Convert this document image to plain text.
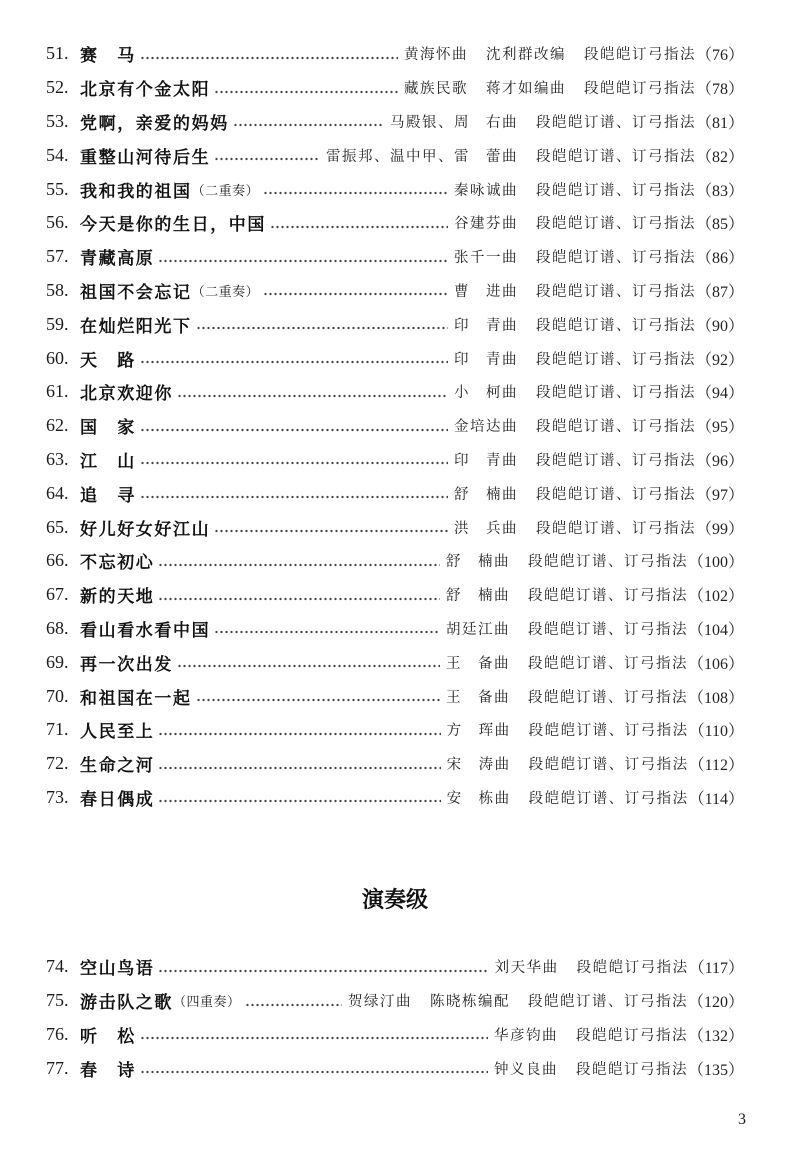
51. 赛　马	黄海怀曲 沈利群改编 段皑皑订弓指法 （76）
52. 北京有个金太阳	藏族民歌 蒋才如编曲 段皑皑订弓指法 （78）
53. 党啊，亲爱的妈妈	马殿银、周　右曲 段皑皑订谱、订弓指法 （81）
54. 重整山河待后生	雷振邦、温中甲、雷　蕾曲 段皑皑订谱、订弓指法 （82）
55. 我和我的祖国 （二重奏）	秦咏诚曲 段皑皑订谱、订弓指法 （83）
56. 今天是你的生日，中国	谷建芬曲 段皑皑订谱、订弓指法 （85）
57. 青藏高原	张千一曲 段皑皑订谱、订弓指法 （86）
58. 祖国不会忘记 （二重奏）	曹　进曲 段皑皑订谱、订弓指法 （87）
59. 在灿烂阳光下	印　青曲 段皑皑订谱、订弓指法 （90）
60. 天　路	印　青曲 段皑皑订谱、订弓指法 （92）
61. 北京欢迎你	小　柯曲 段皑皑订谱、订弓指法 （94）
62. 国　家	金培达曲 段皑皑订谱、订弓指法 （95）
63. 江　山	印　青曲 段皑皑订谱、订弓指法 （96）
64. 追　寻	舒　楠曲 段皑皑订谱、订弓指法 （97）
65. 好儿好女好江山	洪　兵曲 段皑皑订谱、订弓指法 （99）
66. 不忘初心	舒　楠曲 段皑皑订谱、订弓指法 （100）
67. 新的天地	舒　楠曲 段皑皑订谱、订弓指法 （102）
68. 看山看水看中国	胡廷江曲 段皑皑订谱、订弓指法 （104）
69. 再一次出发	王　备曲 段皑皑订谱、订弓指法 （106）
70. 和祖国在一起	王　备曲 段皑皑订谱、订弓指法 （108）
71. 人民至上	方　珲曲 段皑皑订谱、订弓指法 （110）
72. 生命之河	宋　涛曲 段皑皑订谱、订弓指法 （112）
73. 春日偶成	安　栋曲 段皑皑订谱、订弓指法 （114）
演奏级
74. 空山鸟语	刘天华曲 段皑皑订弓指法 （117）
75. 游击队之歌 （四重奏）	贺绿汀曲 陈晓栋编配 段皑皑订谱、订弓指法 （120）
76. 听　松	华彦钧曲 段皑皑订弓指法 （132）
77. 春　诗	钟义良曲 段皑皑订弓指法 （135）
3
